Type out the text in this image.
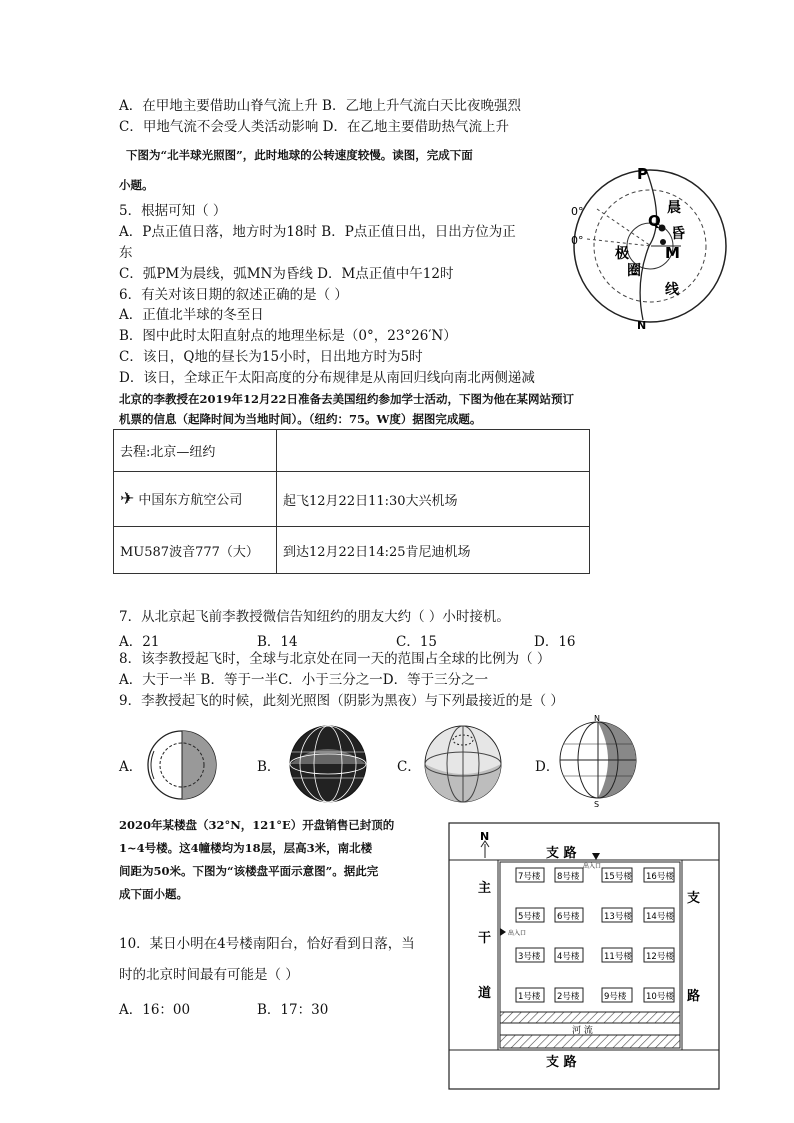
A．在甲地主要借助山脊气流上升 B．乙地上升气流白天比夜晚强烈
C．甲地气流不会受人类活动影响 D．在乙地主要借助热气流上升
下图为“北半球光照图”，此时地球的公转速度较慢。读图，完成下面
小题。
5．根据可知（ ）
A．P点正值日落，地方时为18时 B．P点正值日出，日出方位为正
东
C．弧PM为晨线，弧MN为昏线 D．M点正值中午12时
6．有关对该日期的叙述正确的是（ ）
A．正值北半球的冬至日
B．图中此时太阳直射点的地理坐标是（0°，23°26′N）
C．该日，Q地的昼长为15小时，日出地方时为5时
D．该日，全球正午太阳高度的分布规律是从南回归线向南北两侧递减
P
N
Q
M
0°
0°
晨
昏
极
圈
线
北京的李教授在2019年12月22日准备去美国纽约参加学士活动，下图为他在某网站预订
机票的信息（起降时间为当地时间）。（纽约：75。W度）据图完成题。
去程:北京—纽约	
✈ 中国东方航空公司	起飞12月22日11:30大兴机场
MU587波音777（大）	到达12月22日14:25肯尼迪机场
7．从北京起飞前李教授微信告知纽约的朋友大约（ ）小时接机。
A．21	B．14	C．15	D．16
8．该李教授起飞时，全球与北京处在同一天的范围占全球的比例为（ ）
A．大于一半 B．等于一半C．小于三分之一D．等于三分之一
9．李教授起飞的时候，此刻光照图（阴影为黑夜）与下列最接近的是（ ）
A．	B．	C．	D．
N
S
2020年某楼盘（32°N，121°E）开盘销售已封顶的
1~4号楼。这4幢楼均为18层，层高3米，南北楼
间距为50米。下图为“该楼盘平面示意图”。据此完
成下面小题。
10．某日小明在4号楼南阳台，恰好看到日落，当
时的北京时间最有可能是（ ）
A．16：00	B．17：30
河 流
N
支 路
支 路
支
路
主
干
道
出入口
出入口
7号楼 8号楼	15号楼 16号楼
5号楼 6号楼	13号楼 14号楼
3号楼 4号楼	11号楼 12号楼
1号楼 2号楼	9号楼 10号楼
